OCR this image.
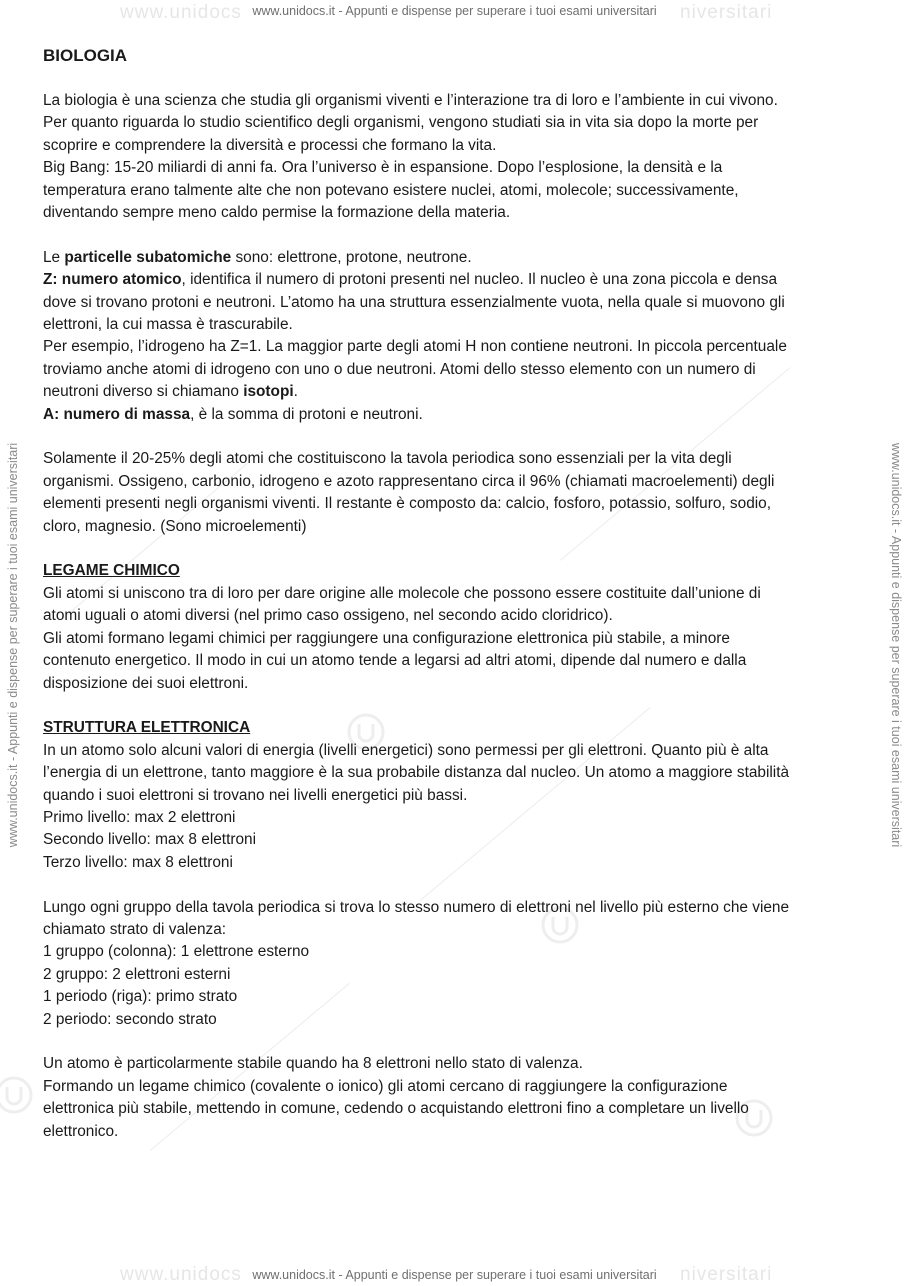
www.unidocs	niversitari
www.unidocs	niversitari
www.unidocs.it - Appunti e dispense per superare i tuoi esami universitari
www.unidocs.it - Appunti e dispense per superare i tuoi esami universitari
www.unidocs.it - Appunti e dispense per superare i tuoi esami universitari	www.unidocs.it - Appunti e dispense per superare i tuoi esami universitari
BIOLOGIA

La biologia è una scienza che studia gli organismi viventi e l’interazione tra di loro e l’ambiente in cui vivono.

Per quanto riguarda lo studio scientifico degli organismi, vengono studiati sia in vita sia dopo la morte per

scoprire e comprendere la diversità e processi che formano la vita.

Big Bang: 15-20 miliardi di anni fa. Ora l’universo è in espansione. Dopo l’esplosione, la densità e la

temperatura erano talmente alte che non potevano esistere nuclei, atomi, molecole; successivamente,

diventando sempre meno caldo permise la formazione della materia.

Le particelle subatomiche sono: elettrone, protone, neutrone.

Z: numero atomico, identifica il numero di protoni presenti nel nucleo. Il nucleo è una zona piccola e densa

dove si trovano protoni e neutroni. L’atomo ha una struttura essenzialmente vuota, nella quale si muovono gli

elettroni, la cui massa è trascurabile.

Per esempio, l’idrogeno ha Z=1. La maggior parte degli atomi H non contiene neutroni. In piccola percentuale

troviamo anche atomi di idrogeno con uno o due neutroni. Atomi dello stesso elemento con un numero di

neutroni diverso si chiamano isotopi.

A: numero di massa, è la somma di protoni e neutroni.

Solamente il 20-25% degli atomi che costituiscono la tavola periodica sono essenziali per la vita degli

organismi. Ossigeno, carbonio, idrogeno e azoto rappresentano circa il 96% (chiamati macroelementi) degli

elementi presenti negli organismi viventi. Il restante è composto da: calcio, fosforo, potassio, solfuro, sodio,

cloro, magnesio. (Sono microelementi)

LEGAME CHIMICO

Gli atomi si uniscono tra di loro per dare origine alle molecole che possono essere costituite dall’unione di

atomi uguali o atomi diversi (nel primo caso ossigeno, nel secondo acido cloridrico).

Gli atomi formano legami chimici per raggiungere una configurazione elettronica più stabile, a minore

contenuto energetico. Il modo in cui un atomo tende a legarsi ad altri atomi, dipende dal numero e dalla

disposizione dei suoi elettroni.

STRUTTURA ELETTRONICA

In un atomo solo alcuni valori di energia (livelli energetici) sono permessi per gli elettroni. Quanto più è alta

l’energia di un elettrone, tanto maggiore è la sua probabile distanza dal nucleo. Un atomo a maggiore stabilità

quando i suoi elettroni si trovano nei livelli energetici più bassi.

Primo livello: max 2 elettroni

Secondo livello: max 8 elettroni

Terzo livello: max 8 elettroni

Lungo ogni gruppo della tavola periodica si trova lo stesso numero di elettroni nel livello più esterno che viene

chiamato strato di valenza:

1 gruppo (colonna): 1 elettrone esterno

2 gruppo: 2 elettroni esterni

1 periodo (riga): primo strato

2 periodo: secondo strato

Un atomo è particolarmente stabile quando ha 8 elettroni nello stato di valenza.

Formando un legame chimico (covalente o ionico) gli atomi cercano di raggiungere la configurazione

elettronica più stabile, mettendo in comune, cedendo o acquistando elettroni fino a completare un livello

elettronico.
